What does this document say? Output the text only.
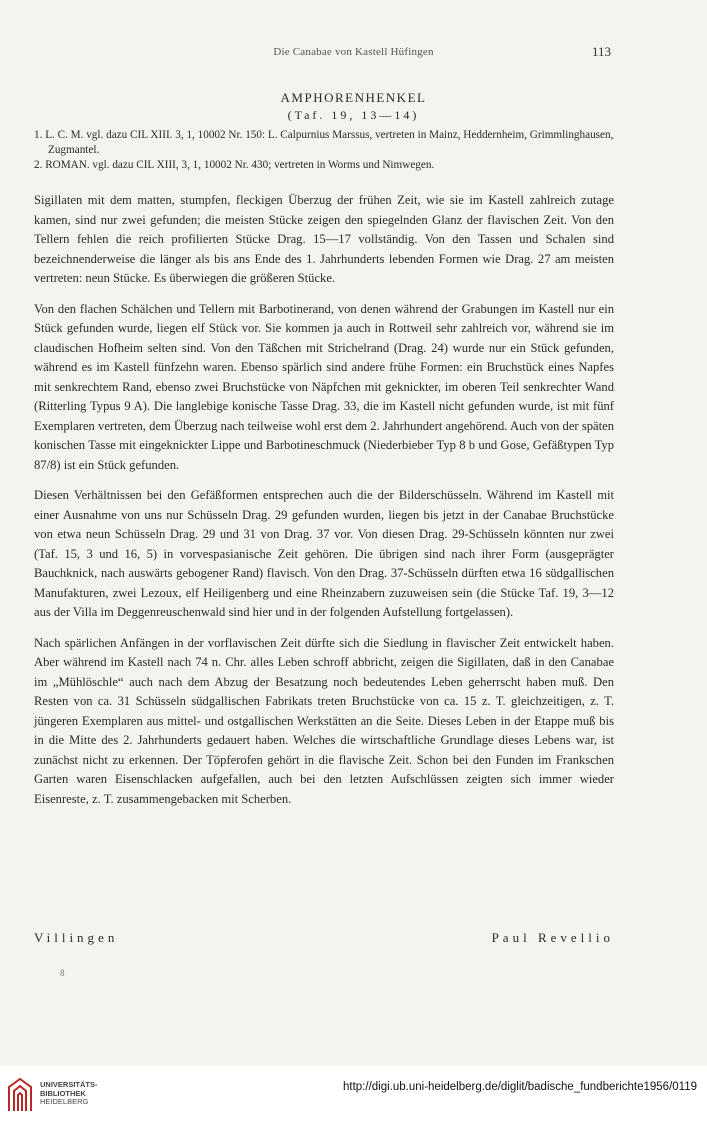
Die Canabae von Kastell Hüfingen	113
AMPHORENHENKEL
(Taf. 19, 13—14)
1. L. C. M. vgl. dazu CIL XIII. 3, 1, 10002 Nr. 150: L. Calpurnius Marssus, vertreten in Mainz, Heddernheim, Grimmlinghausen, Zugmantel.
2. ROMAN. vgl. dazu CIL XIII, 3, 1, 10002 Nr. 430; vertreten in Worms und Nimwegen.

Sigillaten mit dem matten, stumpfen, fleckigen Überzug der frühen Zeit, wie sie im Kastell zahlreich zutage kamen, sind nur zwei gefunden; die meisten Stücke zeigen den spiegelnden Glanz der flavischen Zeit. Von den Tellern fehlen die reich profilierten Stücke Drag. 15—17 vollständig. Von den Tassen und Schalen sind bezeichnenderweise die länger als bis ans Ende des 1. Jahrhunderts lebenden Formen wie Drag. 27 am meisten vertreten: neun Stücke. Es überwiegen die größeren Stücke.

Von den flachen Schälchen und Tellern mit Barbotinerand, von denen während der Grabungen im Kastell nur ein Stück gefunden wurde, liegen elf Stück vor. Sie kommen ja auch in Rottweil sehr zahlreich vor, während sie im claudischen Hofheim selten sind. Von den Täßchen mit Strichelrand (Drag. 24) wurde nur ein Stück gefunden, während es im Kastell fünfzehn waren. Ebenso spärlich sind andere frühe Formen: ein Bruchstück eines Napfes mit senkrechtem Rand, ebenso zwei Bruchstücke von Näpfchen mit geknickter, im oberen Teil senkrechter Wand (Ritterling Typus 9 A). Die langlebige konische Tasse Drag. 33, die im Kastell nicht gefunden wurde, ist mit fünf Exemplaren vertreten, dem Überzug nach teilweise wohl erst dem 2. Jahrhundert angehörend. Auch von der späten konischen Tasse mit eingeknickter Lippe und Barbotineschmuck (Niederbieber Typ 8 b und Gose, Gefäßtypen Typ 87/8) ist ein Stück gefunden.

Diesen Verhältnissen bei den Gefäßformen entsprechen auch die der Bilderschüsseln. Während im Kastell mit einer Ausnahme von uns nur Schüsseln Drag. 29 gefunden wurden, liegen bis jetzt in der Canabae Bruchstücke von etwa neun Schüsseln Drag. 29 und 31 von Drag. 37 vor. Von diesen Drag. 29-Schüsseln könnten nur zwei (Taf. 15, 3 und 16, 5) in vorvespasianische Zeit gehören. Die übrigen sind nach ihrer Form (ausgeprägter Bauchknick, nach auswärts gebogener Rand) flavisch. Von den Drag. 37-Schüsseln dürften etwa 16 südgallischen Manufakturen, zwei Lezoux, elf Heiligenberg und eine Rheinzabern zuzuweisen sein (die Stücke Taf. 19, 3—12 aus der Villa im Deggenreuschenwald sind hier und in der folgenden Aufstellung fortgelassen).

Nach spärlichen Anfängen in der vorflavischen Zeit dürfte sich die Siedlung in flavischer Zeit entwickelt haben. Aber während im Kastell nach 74 n. Chr. alles Leben schroff abbricht, zeigen die Sigillaten, daß in den Canabae im „Mühlöschle“ auch nach dem Abzug der Besatzung noch bedeutendes Leben geherrscht haben muß. Den Resten von ca. 31 Schüsseln südgallischen Fabrikats treten Bruchstücke von ca. 15 z. T. gleichzeitigen, z. T. jüngeren Exemplaren aus mittel- und ostgallischen Werkstätten an die Seite. Dieses Leben in der Etappe muß bis in die Mitte des 2. Jahrhunderts gedauert haben. Welches die wirtschaftliche Grundlage dieses Lebens war, ist zunächst nicht zu erkennen. Der Töpferofen gehört in die flavische Zeit. Schon bei den Funden im Frankschen Garten waren Eisenschlacken aufgefallen, auch bei den letzten Aufschlüssen zeigten sich immer wieder Eisenreste, z. T. zusammengebacken mit Scherben.

Villingen	Paul Revellio
8
UNIVERSITÄTS-
BIBLIOTHEK
HEIDELBERG
http://digi.ub.uni-heidelberg.de/diglit/badische_fundberichte1956/0119
